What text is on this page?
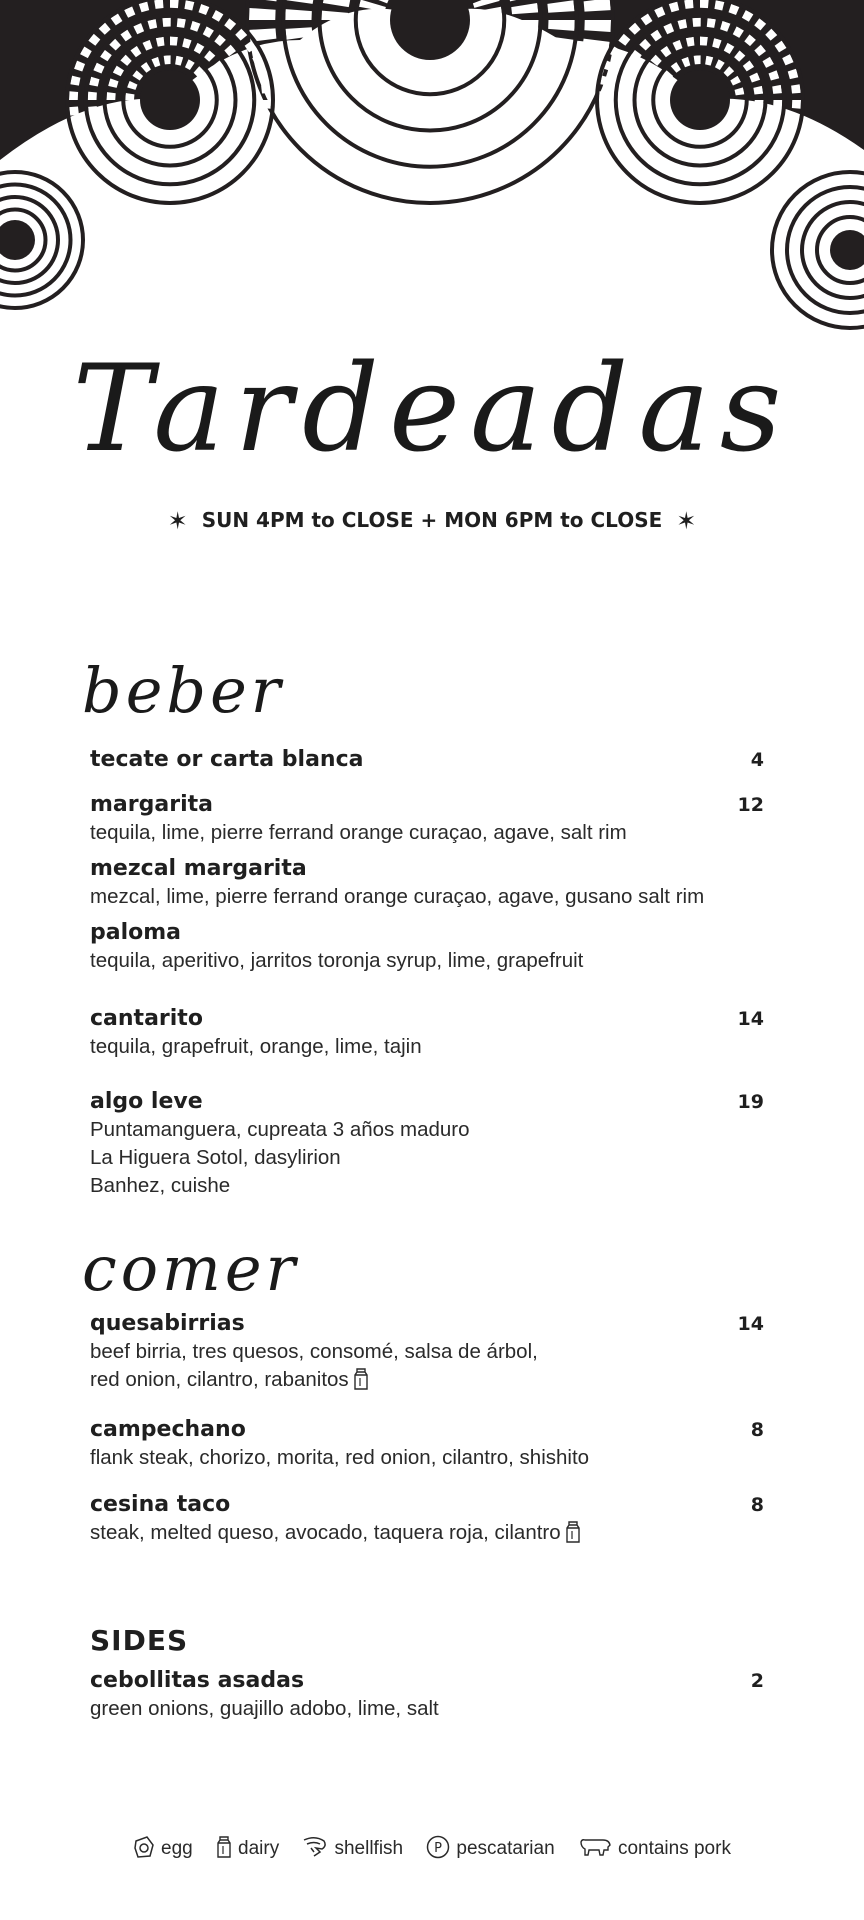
Tardeadas
✶ SUN 4PM to CLOSE + MON 6PM to CLOSE ✶
beber
tecate or carta blanca	4
margarita	12
tequila, lime, pierre ferrand orange curaçao, agave, salt rim
mezcal margarita
mezcal, lime, pierre ferrand orange curaçao, agave, gusano salt rim
paloma
tequila, aperitivo, jarritos toronja syrup, lime, grapefruit
cantarito	14
tequila, grapefruit, orange, lime, tajin
algo leve	19
Puntamanguera, cupreata 3 años maduro
La Higuera Sotol, dasylirion
Banhez, cuishe
comer
quesabirrias	14
beef birria, tres quesos, consomé, salsa de árbol,
red onion, cilantro, rabanitos
campechano	8
flank steak, chorizo, morita, red onion, cilantro, shishito
cesina taco	8
steak, melted queso, avocado, taquera roja, cilantro
SIDES
cebollitas asadas	2
green onions, guajillo adobo, lime, salt
egg dairy	shellfish P pescatarian	contains pork
